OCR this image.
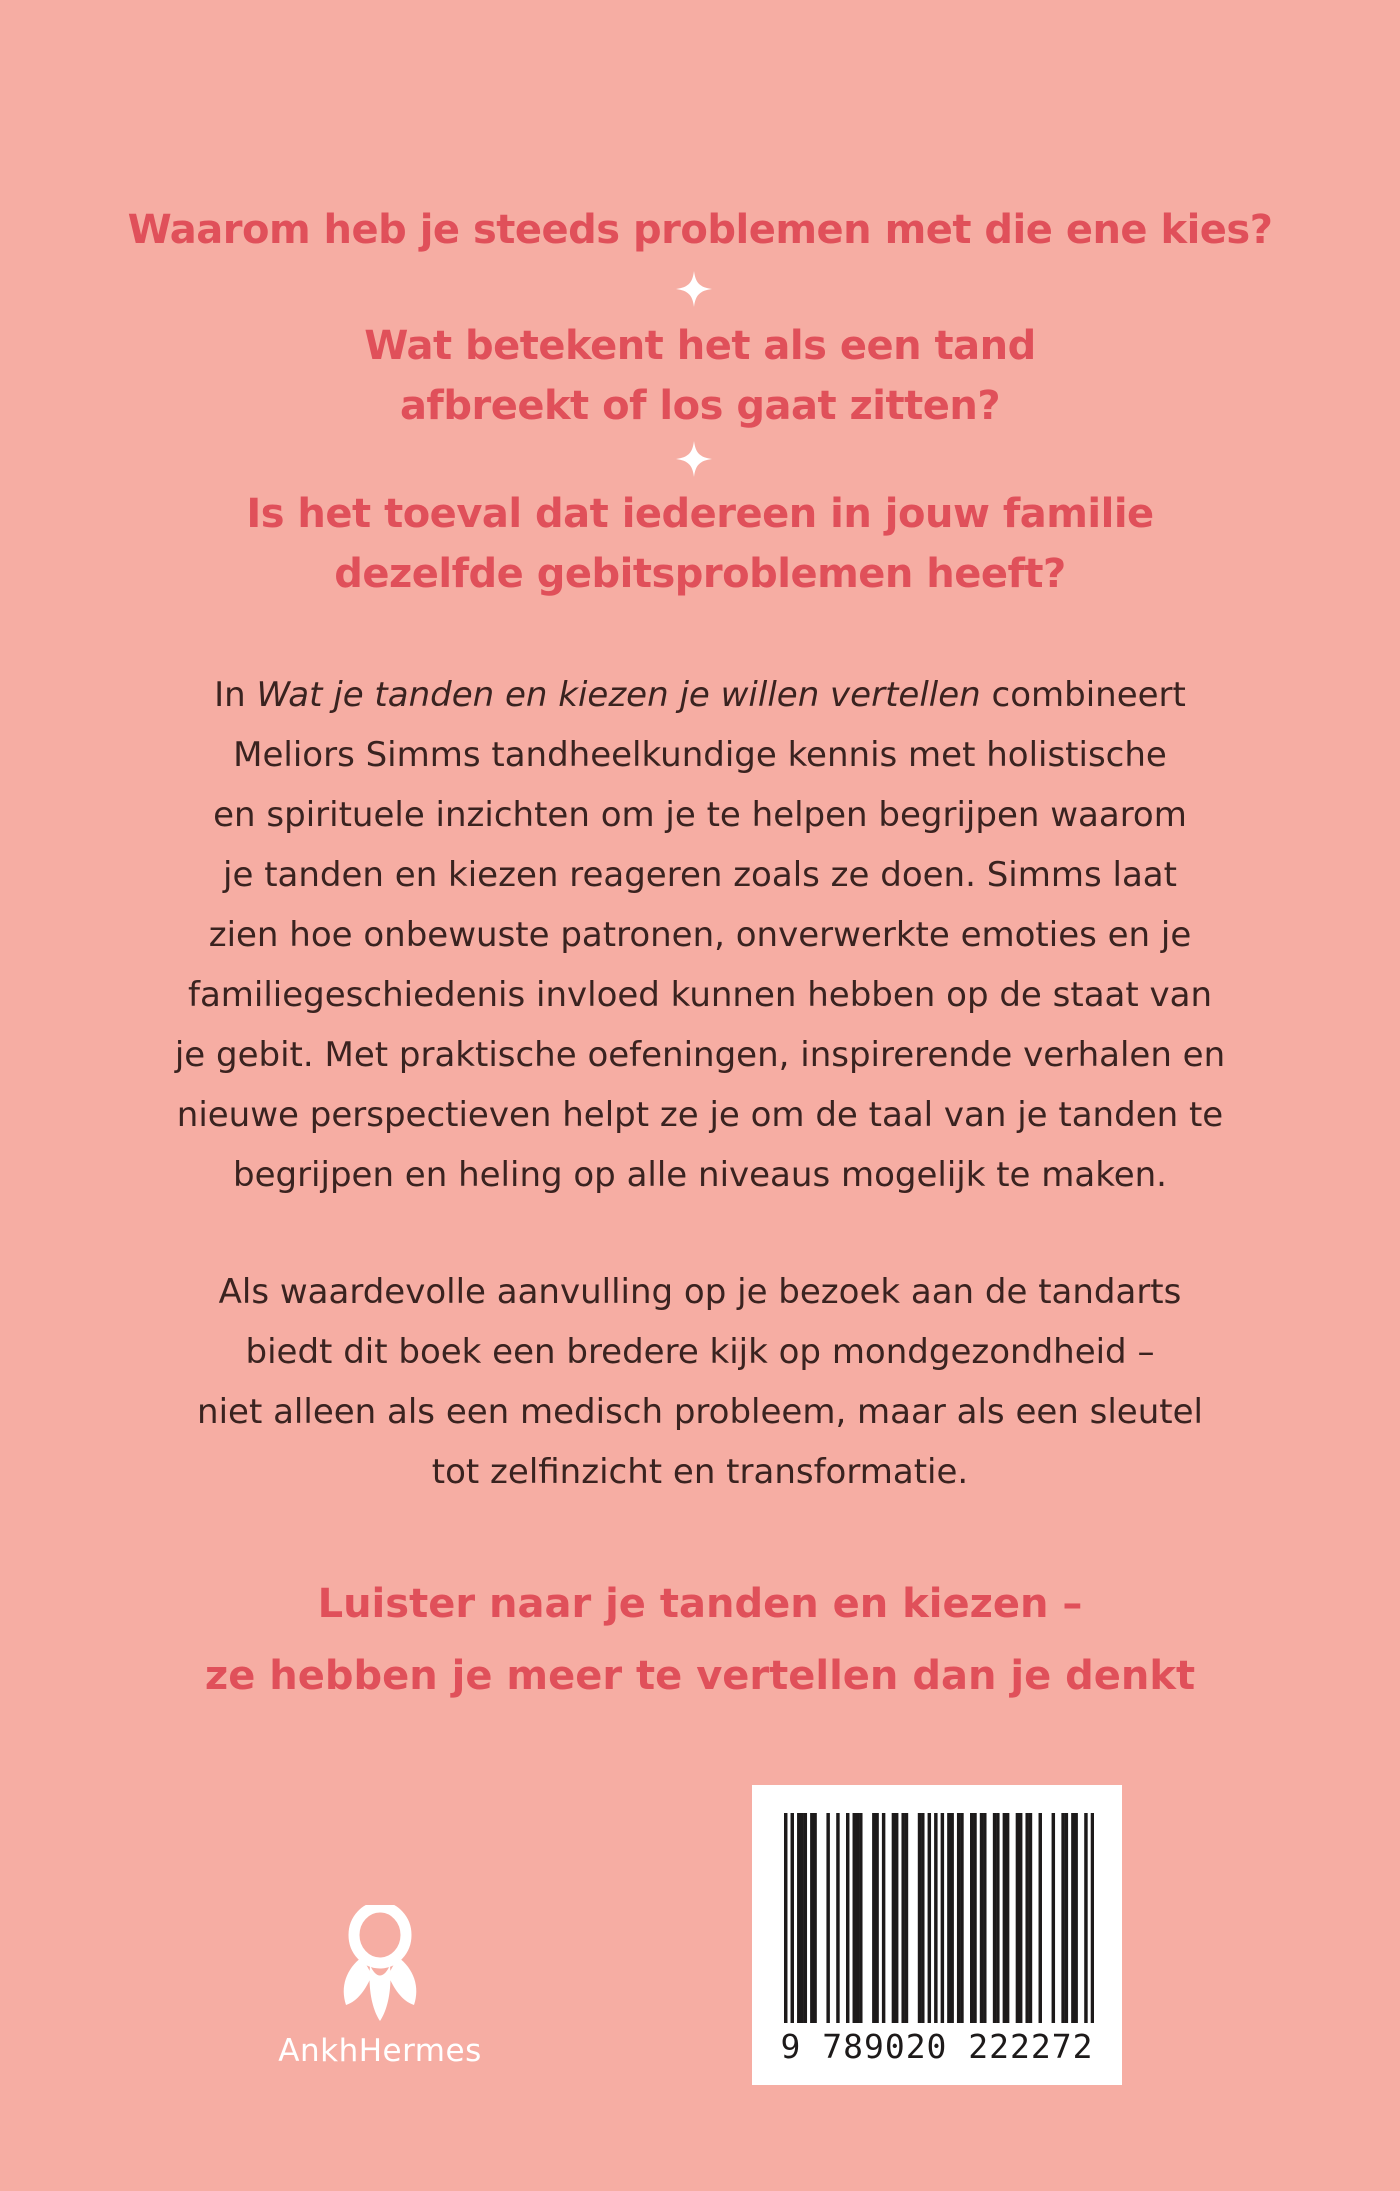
Waarom heb je steeds problemen met die ene kies?
Wat betekent het als een tand
afbreekt of los gaat zitten?
Is het toeval dat iedereen in jouw familie
dezelfde gebitsproblemen heeft?
In Wat je tanden en kiezen je willen vertellen combineert
Meliors Simms tandheelkundige kennis met holistische
en spirituele inzichten om je te helpen begrijpen waarom
je tanden en kiezen reageren zoals ze doen. Simms laat
zien hoe onbewuste patronen, onverwerkte emoties en je
familiegeschiedenis invloed kunnen hebben op de staat van
je gebit. Met praktische oefeningen, inspirerende verhalen en
nieuwe perspectieven helpt ze je om de taal van je tanden te
begrijpen en heling op alle niveaus mogelijk te maken.
Als waardevolle aanvulling op je bezoek aan de tandarts
biedt dit boek een bredere kijk op mondgezondheid –
niet alleen als een medisch probleem, maar als een sleutel
tot zelfinzicht en transformatie.
Luister naar je tanden en kiezen –
ze hebben je meer te vertellen dan je denkt
AnkhHermes	9 789020 222272
